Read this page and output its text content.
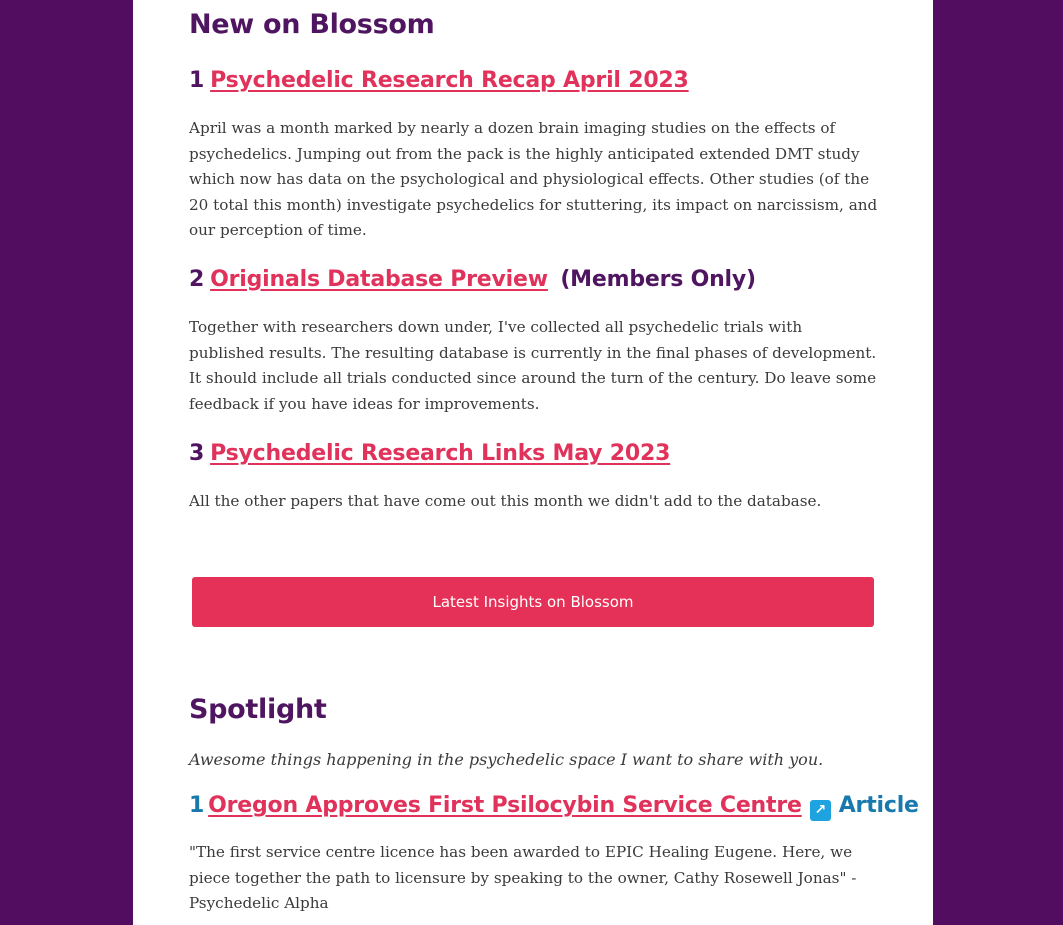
New on Blossom
1 Psychedelic Research Recap April 2023

April was a month marked by nearly a dozen brain imaging studies on the effects of psychedelics. Jumping out from the pack is the highly anticipated extended DMT study which now has data on the psychological and physiological effects. Other studies (of the 20 total this month) investigate psychedelics for stuttering, its impact on narcissism, and our perception of time.

2 Originals Database Preview (Members Only)

Together with researchers down under, I've collected all psychedelic trials with published results. The resulting database is currently in the final phases of development. It should include all trials conducted since around the turn of the century. Do leave some feedback if you have ideas for improvements.

3 Psychedelic Research Links May 2023

All the other papers that have come out this month we didn't add to the database.

Latest Insights on Blossom
Spotlight

Awesome things happening in the psychedelic space I want to share with you.

1 Oregon Approves First Psilocybin Service Centre ↗ Article

"The first service centre licence has been awarded to EPIC Healing Eugene. Here, we piece together the path to licensure by speaking to the owner, Cathy Rosewell Jonas" - Psychedelic Alpha
